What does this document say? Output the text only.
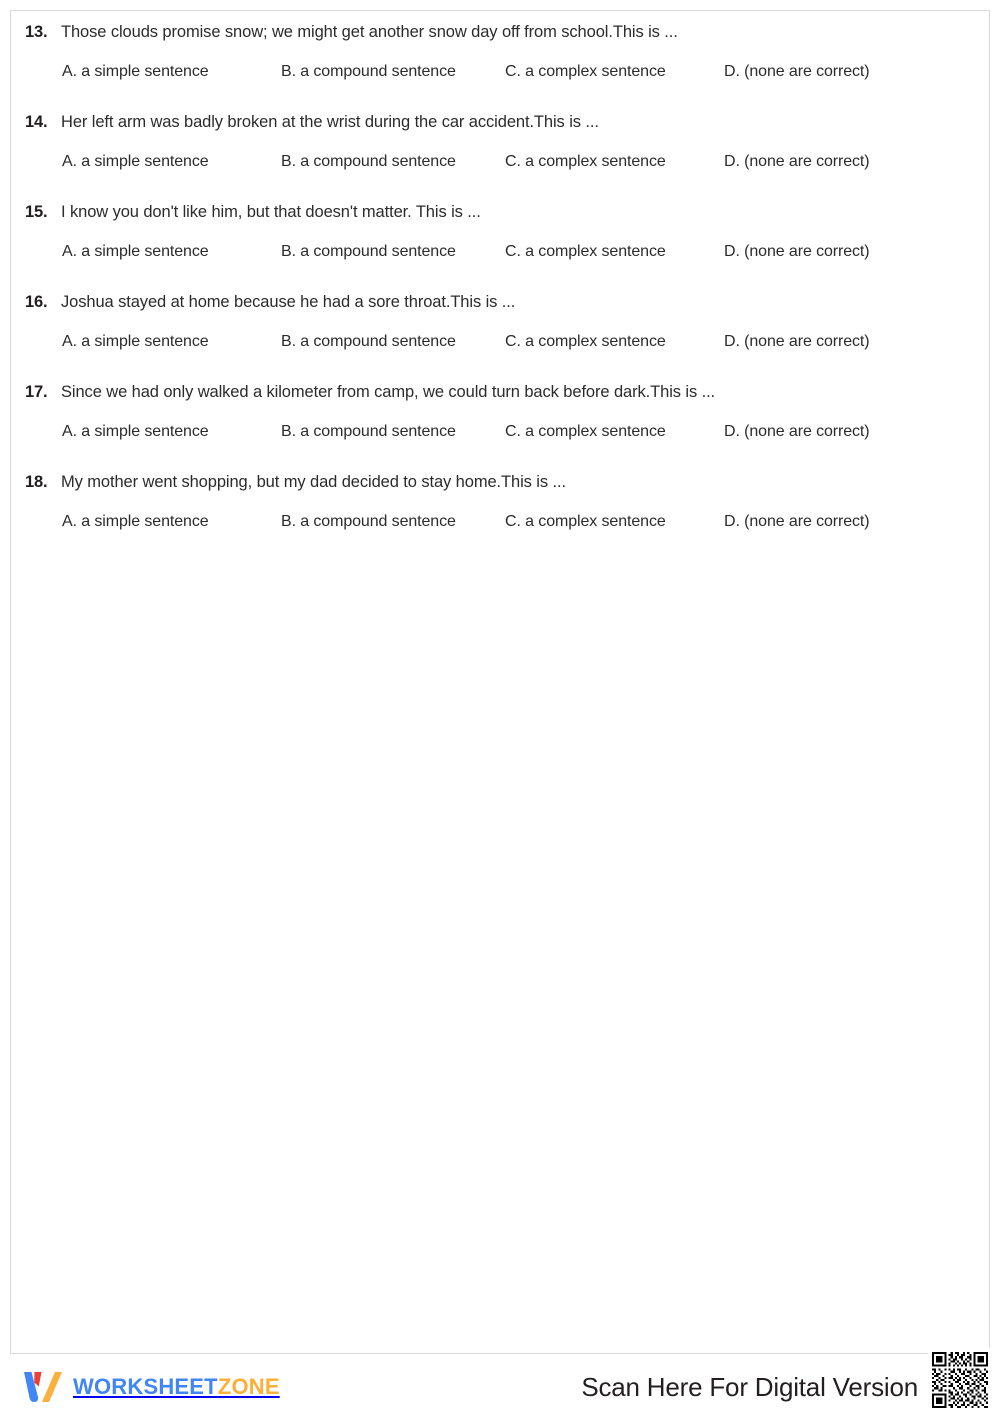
13. Those clouds promise snow; we might get another snow day off from school.This is ...
A. a simple sentence	B. a compound sentence	C. a complex sentence	D. (none are correct)
14. Her left arm was badly broken at the wrist during the car accident.This is ...
A. a simple sentence	B. a compound sentence	C. a complex sentence	D. (none are correct)
15. I know you don't like him, but that doesn't matter. This is ...
A. a simple sentence	B. a compound sentence	C. a complex sentence	D. (none are correct)
16. Joshua stayed at home because he had a sore throat.This is ...
A. a simple sentence	B. a compound sentence	C. a complex sentence	D. (none are correct)
17. Since we had only walked a kilometer from camp, we could turn back before dark.This is ...
A. a simple sentence	B. a compound sentence	C. a complex sentence	D. (none are correct)
18. My mother went shopping, but my dad decided to stay home.This is ...
A. a simple sentence	B. a compound sentence	C. a complex sentence	D. (none are correct)
WORKSHEETZONE	Scan Here For Digital Version
